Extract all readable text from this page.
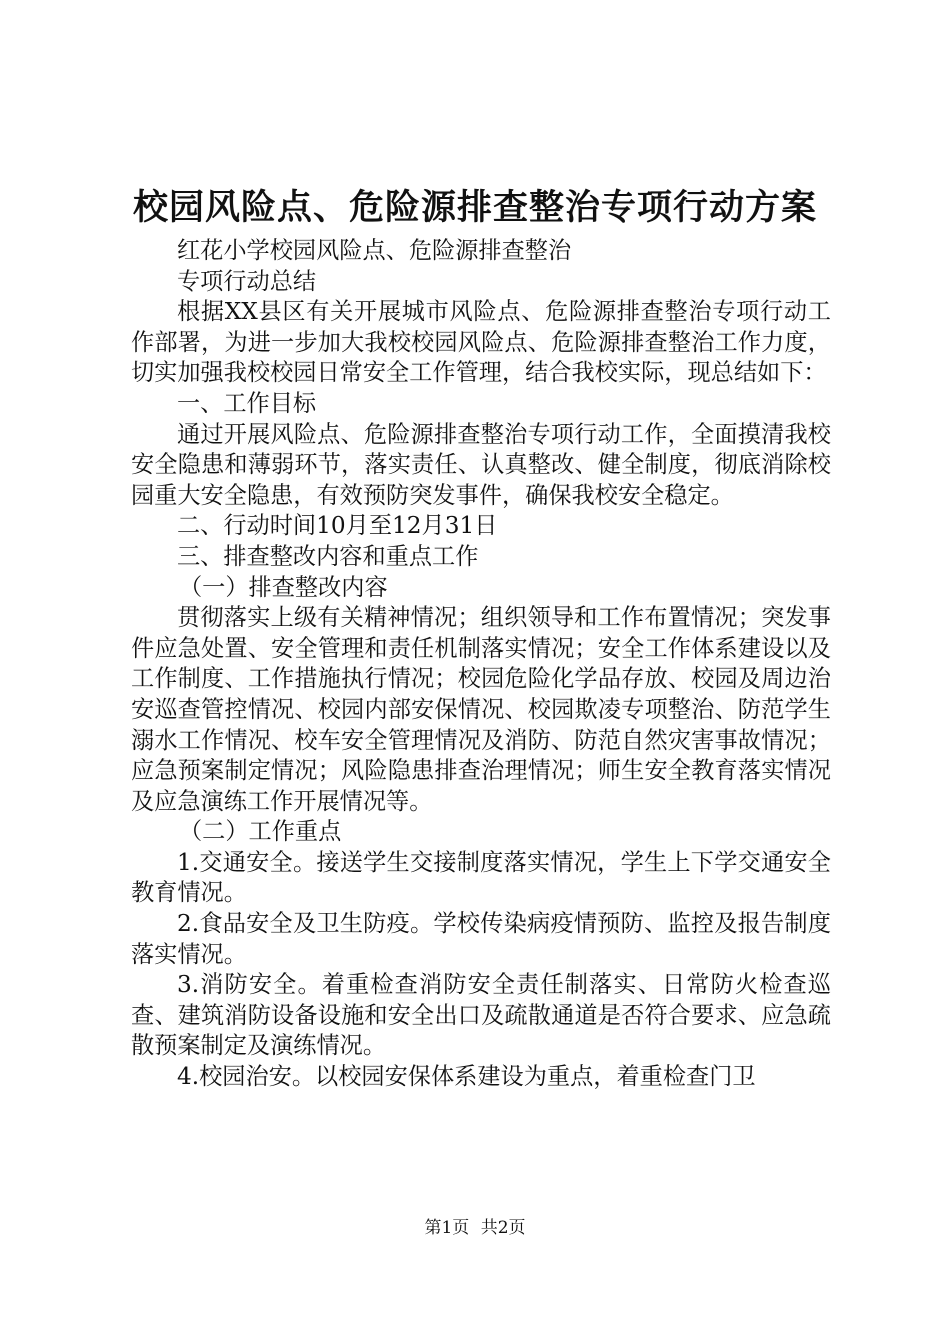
校园风险点、危险源排查整治专项行动方案

红花小学校园风险点、危险源排查整治

专项行动总结

根据XX县区有关开展城市风险点、危险源排查整治专项行动工作部署，为进一步加大我校校园风险点、危险源排查整治工作力度，切实加强我校校园日常安全工作管理，结合我校实际，现总结如下：

一、工作目标

通过开展风险点、危险源排查整治专项行动工作，全面摸清我校安全隐患和薄弱环节，落实责任、认真整改、健全制度，彻底消除校园重大安全隐患，有效预防突发事件，确保我校安全稳定。

二、行动时间10月至12月31日

三、排查整改内容和重点工作

（一）排查整改内容

贯彻落实上级有关精神情况；组织领导和工作布置情况；突发事件应急处置、安全管理和责任机制落实情况；安全工作体系建设以及工作制度、工作措施执行情况；校园危险化学品存放、校园及周边治安巡查管控情况、校园内部安保情况、校园欺凌专项整治、防范学生溺水工作情况、校车安全管理情况及消防、防范自然灾害事故情况；应急预案制定情况；风险隐患排查治理情况；师生安全教育落实情况及应急演练工作开展情况等。

（二）工作重点

1.交通安全。接送学生交接制度落实情况，学生上下学交通安全教育情况。

2.食品安全及卫生防疫。学校传染病疫情预防、监控及报告制度落实情况。

3.消防安全。着重检查消防安全责任制落实、日常防火检查巡查、建筑消防设备设施和安全出口及疏散通道是否符合要求、应急疏散预案制定及演练情况。

4.校园治安。以校园安保体系建设为重点，着重检查门卫

第1页 共2页
